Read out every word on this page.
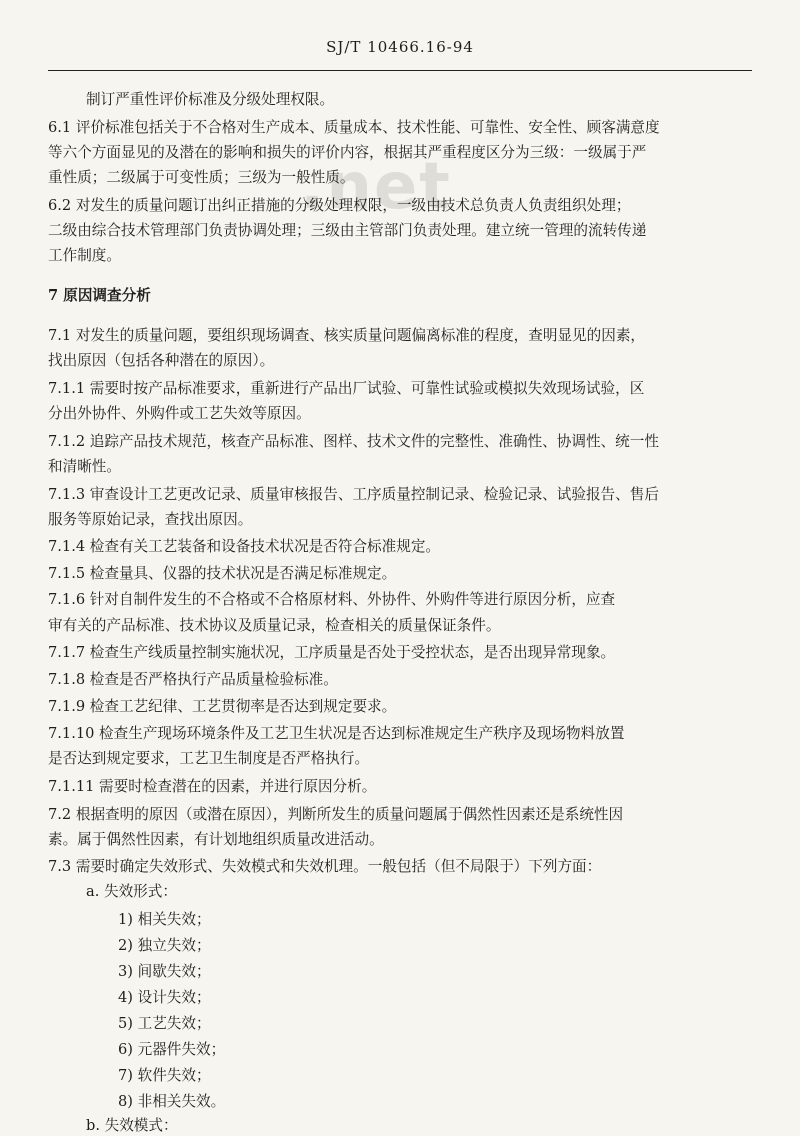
SJ/T 10466.16-94
.net
制订严重性评价标准及分级处理权限。
6.1 评价标准包括关于不合格对生产成本、质量成本、技术性能、可靠性、安全性、顾客满意度
等六个方面显见的及潜在的影响和损失的评价内容，根据其严重程度区分为三级：一级属于严
重性质；二级属于可变性质；三级为一般性质。
6.2 对发生的质量问题订出纠正措施的分级处理权限，一级由技术总负责人负责组织处理；
二级由综合技术管理部门负责协调处理；三级由主管部门负责处理。建立统一管理的流转传递
工作制度。
7 原因调查分析
7.1 对发生的质量问题，要组织现场调查、核实质量问题偏离标准的程度，查明显见的因素，
找出原因（包括各种潜在的原因）。
7.1.1 需要时按产品标准要求，重新进行产品出厂试验、可靠性试验或模拟失效现场试验，区
分出外协件、外购件或工艺失效等原因。
7.1.2 追踪产品技术规范，核查产品标准、图样、技术文件的完整性、准确性、协调性、统一性
和清晰性。
7.1.3 审查设计工艺更改记录、质量审核报告、工序质量控制记录、检验记录、试验报告、售后
服务等原始记录，查找出原因。
7.1.4 检查有关工艺装备和设备技术状况是否符合标准规定。
7.1.5 检查量具、仪器的技术状况是否满足标准规定。
7.1.6 针对自制件发生的不合格或不合格原材料、外协件、外购件等进行原因分析，应查
审有关的产品标准、技术协议及质量记录，检查相关的质量保证条件。
7.1.7 检查生产线质量控制实施状况，工序质量是否处于受控状态，是否出现异常现象。
7.1.8 检查是否严格执行产品质量检验标准。
7.1.9 检查工艺纪律、工艺贯彻率是否达到规定要求。
7.1.10 检查生产现场环境条件及工艺卫生状况是否达到标准规定生产秩序及现场物料放置
是否达到规定要求，工艺卫生制度是否严格执行。
7.1.11 需要时检查潜在的因素，并进行原因分析。
7.2 根据查明的原因（或潜在原因），判断所发生的质量问题属于偶然性因素还是系统性因
素。属于偶然性因素，有计划地组织质量改进活动。
7.3 需要时确定失效形式、失效模式和失效机理。一般包括（但不局限于）下列方面：
a. 失效形式：
1) 相关失效；
2) 独立失效；
3) 间歇失效；
4) 设计失效；
5) 工艺失效；
6) 元器件失效；
7) 软件失效；
8) 非相关失效。
b. 失效模式：
